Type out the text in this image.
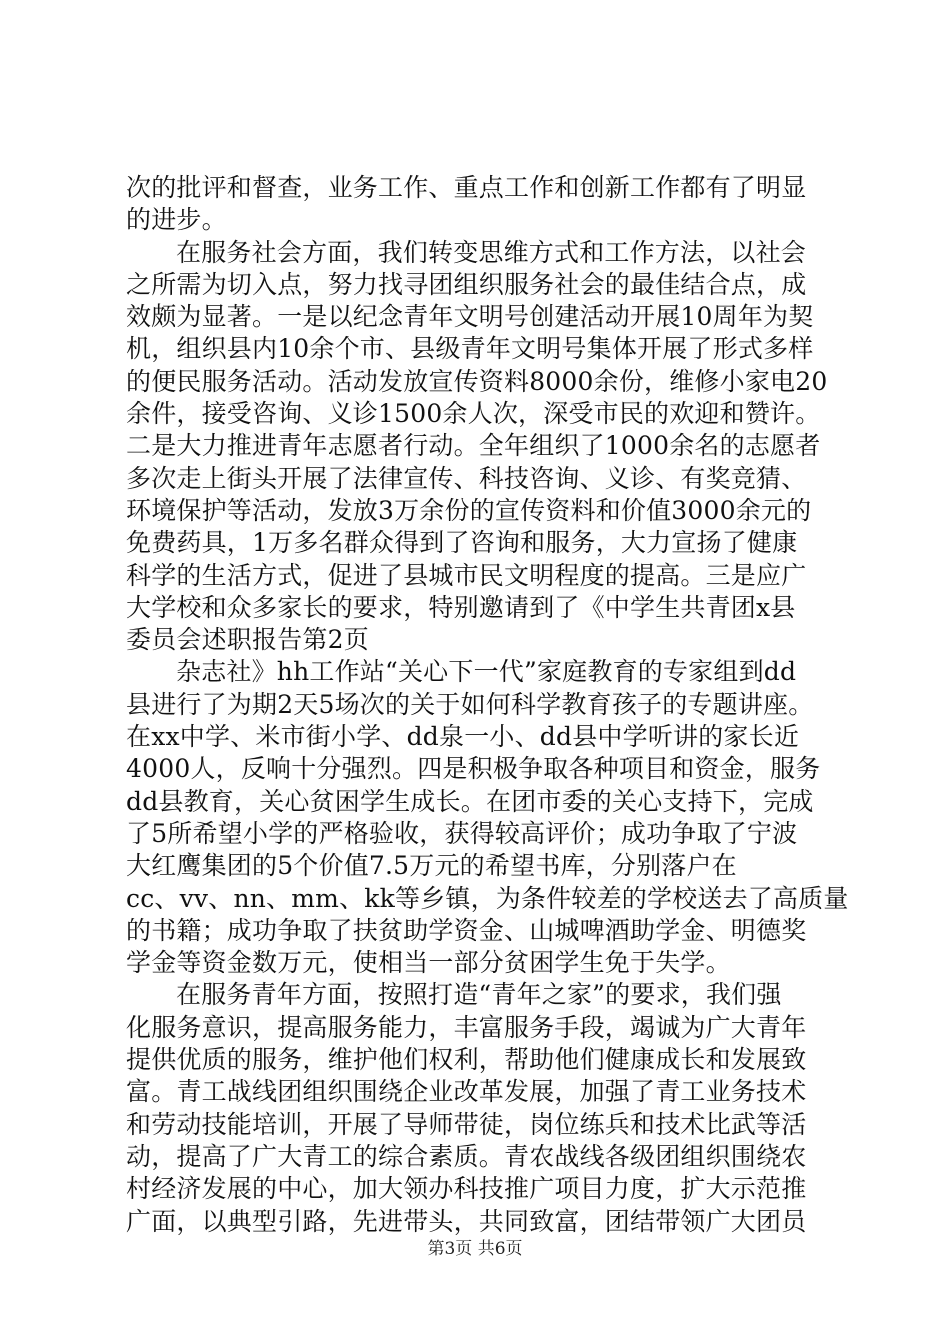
次的批评和督查，业务工作、重点工作和创新工作都有了明显
的进步。
在服务社会方面，我们转变思维方式和工作方法，以社会
之所需为切入点，努力找寻团组织服务社会的最佳结合点，成
效颇为显著。一是以纪念青年文明号创建活动开展10周年为契
机，组织县内10余个市、县级青年文明号集体开展了形式多样
的便民服务活动。活动发放宣传资料8000余份，维修小家电20
余件，接受咨询、义诊1500余人次，深受市民的欢迎和赞许。
二是大力推进青年志愿者行动。全年组织了1000余名的志愿者
多次走上街头开展了法律宣传、科技咨询、义诊、有奖竞猜、
环境保护等活动，发放3万余份的宣传资料和价值3000余元的
免费药具，1万多名群众得到了咨询和服务，大力宣扬了健康
科学的生活方式，促进了县城市民文明程度的提高。三是应广
大学校和众多家长的要求，特别邀请到了《中学生共青团x县
委员会述职报告第2页
杂志社》hh工作站“关心下一代”家庭教育的专家组到dd
县进行了为期2天5场次的关于如何科学教育孩子的专题讲座。
在xx中学、米市街小学、dd泉一小、dd县中学听讲的家长近
4000人，反响十分强烈。四是积极争取各种项目和资金，服务
dd县教育，关心贫困学生成长。在团市委的关心支持下，完成
了5所希望小学的严格验收，获得较高评价；成功争取了宁波
大红鹰集团的5个价值7.5万元的希望书库，分别落户在
cc、vv、nn、mm、kk等乡镇，为条件较差的学校送去了高质量
的书籍；成功争取了扶贫助学资金、山城啤酒助学金、明德奖
学金等资金数万元，使相当一部分贫困学生免于失学。
在服务青年方面，按照打造“青年之家”的要求，我们强
化服务意识，提高服务能力，丰富服务手段，竭诚为广大青年
提供优质的服务，维护他们权利，帮助他们健康成长和发展致
富。青工战线团组织围绕企业改革发展，加强了青工业务技术
和劳动技能培训，开展了导师带徒，岗位练兵和技术比武等活
动，提高了广大青工的综合素质。青农战线各级团组织围绕农
村经济发展的中心，加大领办科技推广项目力度，扩大示范推
广面，以典型引路，先进带头，共同致富，团结带领广大团员
第3页 共6页
